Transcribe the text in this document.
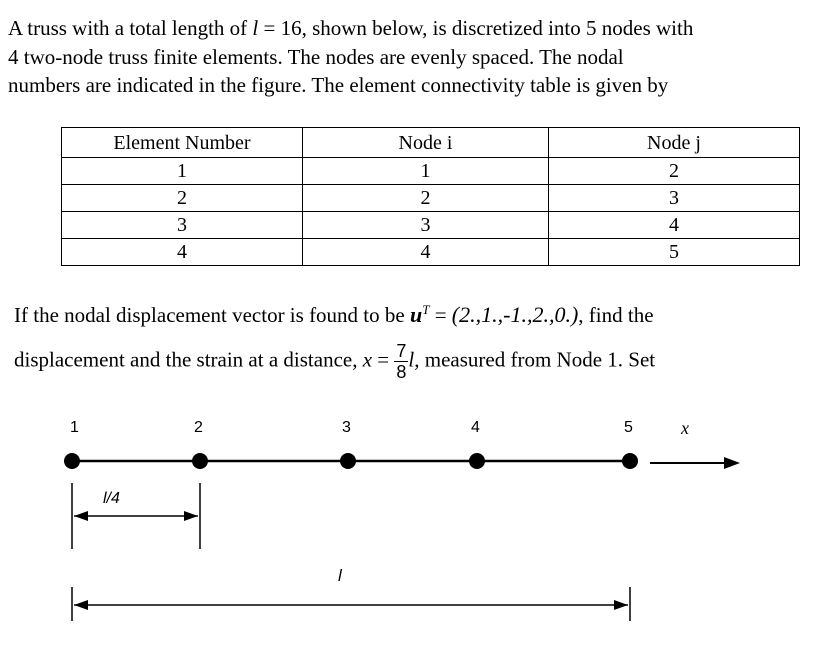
A truss with a total length of l = 16, shown below, is discretized into 5 nodes with
4 two-node truss finite elements. The nodes are evenly spaced. The nodal
numbers are indicated in the figure. The element connectivity table is given by
Element Number	Node i	Node j
1	1	2
2	2	3
3	3	4
4	4	5
If the nodal displacement vector is found to be $u^T = (2.,1.,-1.,2.,0.)$, find the
displacement and the strain at a distance, $x = \frac{7}{8} l$, measured from Node 1. Set
1	2	3	4	5	x
l/4
l
